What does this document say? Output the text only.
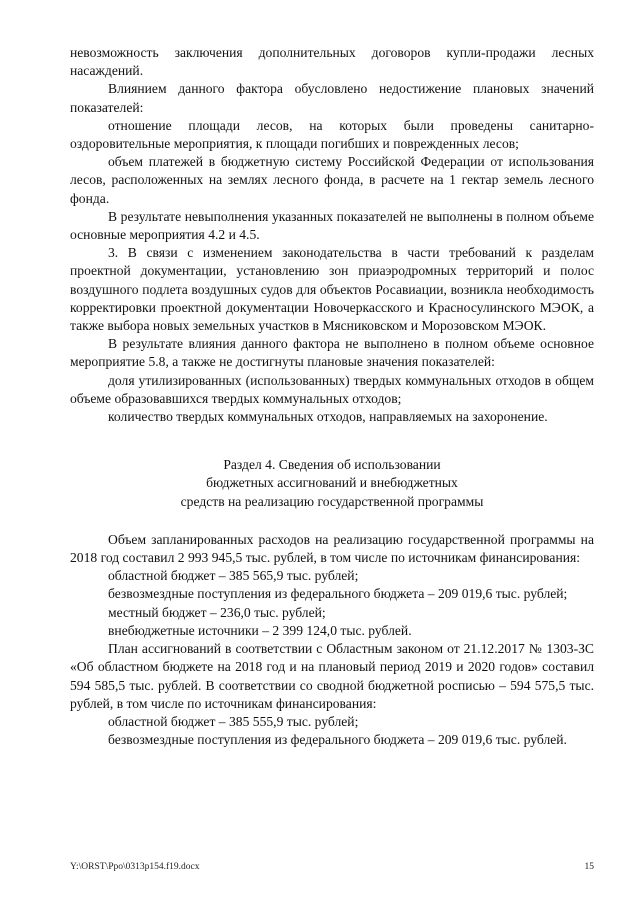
невозможность заключения дополнительных договоров купли-продажи лесных насаждений.

Влиянием данного фактора обусловлено недостижение плановых значений показателей:

отношение площади лесов, на которых были проведены санитарно-оздоровительные мероприятия, к площади погибших и поврежденных лесов;

объем платежей в бюджетную систему Российской Федерации от использования лесов, расположенных на землях лесного фонда, в расчете на 1 гектар земель лесного фонда.

В результате невыполнения указанных показателей не выполнены в полном объеме основные мероприятия 4.2 и 4.5.

3. В связи с изменением законодательства в части требований к разделам проектной документации, установлению зон приаэродромных территорий и полос воздушного подлета воздушных судов для объектов Росавиации, возникла необходимость корректировки проектной документации Новочеркасского и Красносулинского МЭОК, а также выбора новых земельных участков в Мясниковском и Морозовском МЭОК.

В результате влияния данного фактора не выполнено в полном объеме основное мероприятие 5.8, а также не достигнуты плановые значения показателей:

доля утилизированных (использованных) твердых коммунальных отходов в общем объеме образовавшихся твердых коммунальных отходов;

количество твердых коммунальных отходов, направляемых на захоронение.

Раздел 4. Сведения об использовании
бюджетных ассигнований и внебюджетных
средств на реализацию государственной программы

Объем запланированных расходов на реализацию государственной программы на 2018 год составил 2 993 945,5 тыс. рублей, в том числе по источникам финансирования:

областной бюджет – 385 565,9 тыс. рублей;

безвозмездные поступления из федерального бюджета – 209 019,6 тыс. рублей;

местный бюджет – 236,0 тыс. рублей;

внебюджетные источники – 2 399 124,0 тыс. рублей.

План ассигнований в соответствии с Областным законом от 21.12.2017 № 1303-ЗС «Об областном бюджете на 2018 год и на плановый период 2019 и 2020 годов» составил 594 585,5 тыс. рублей. В соответствии со сводной бюджетной росписью – 594 575,5 тыс. рублей, в том числе по источникам финансирования:

областной бюджет – 385 555,9 тыс. рублей;

безвозмездные поступления из федерального бюджета – 209 019,6 тыс. рублей.

Y:\ORST\Ppo\0313p154.f19.docx	15
